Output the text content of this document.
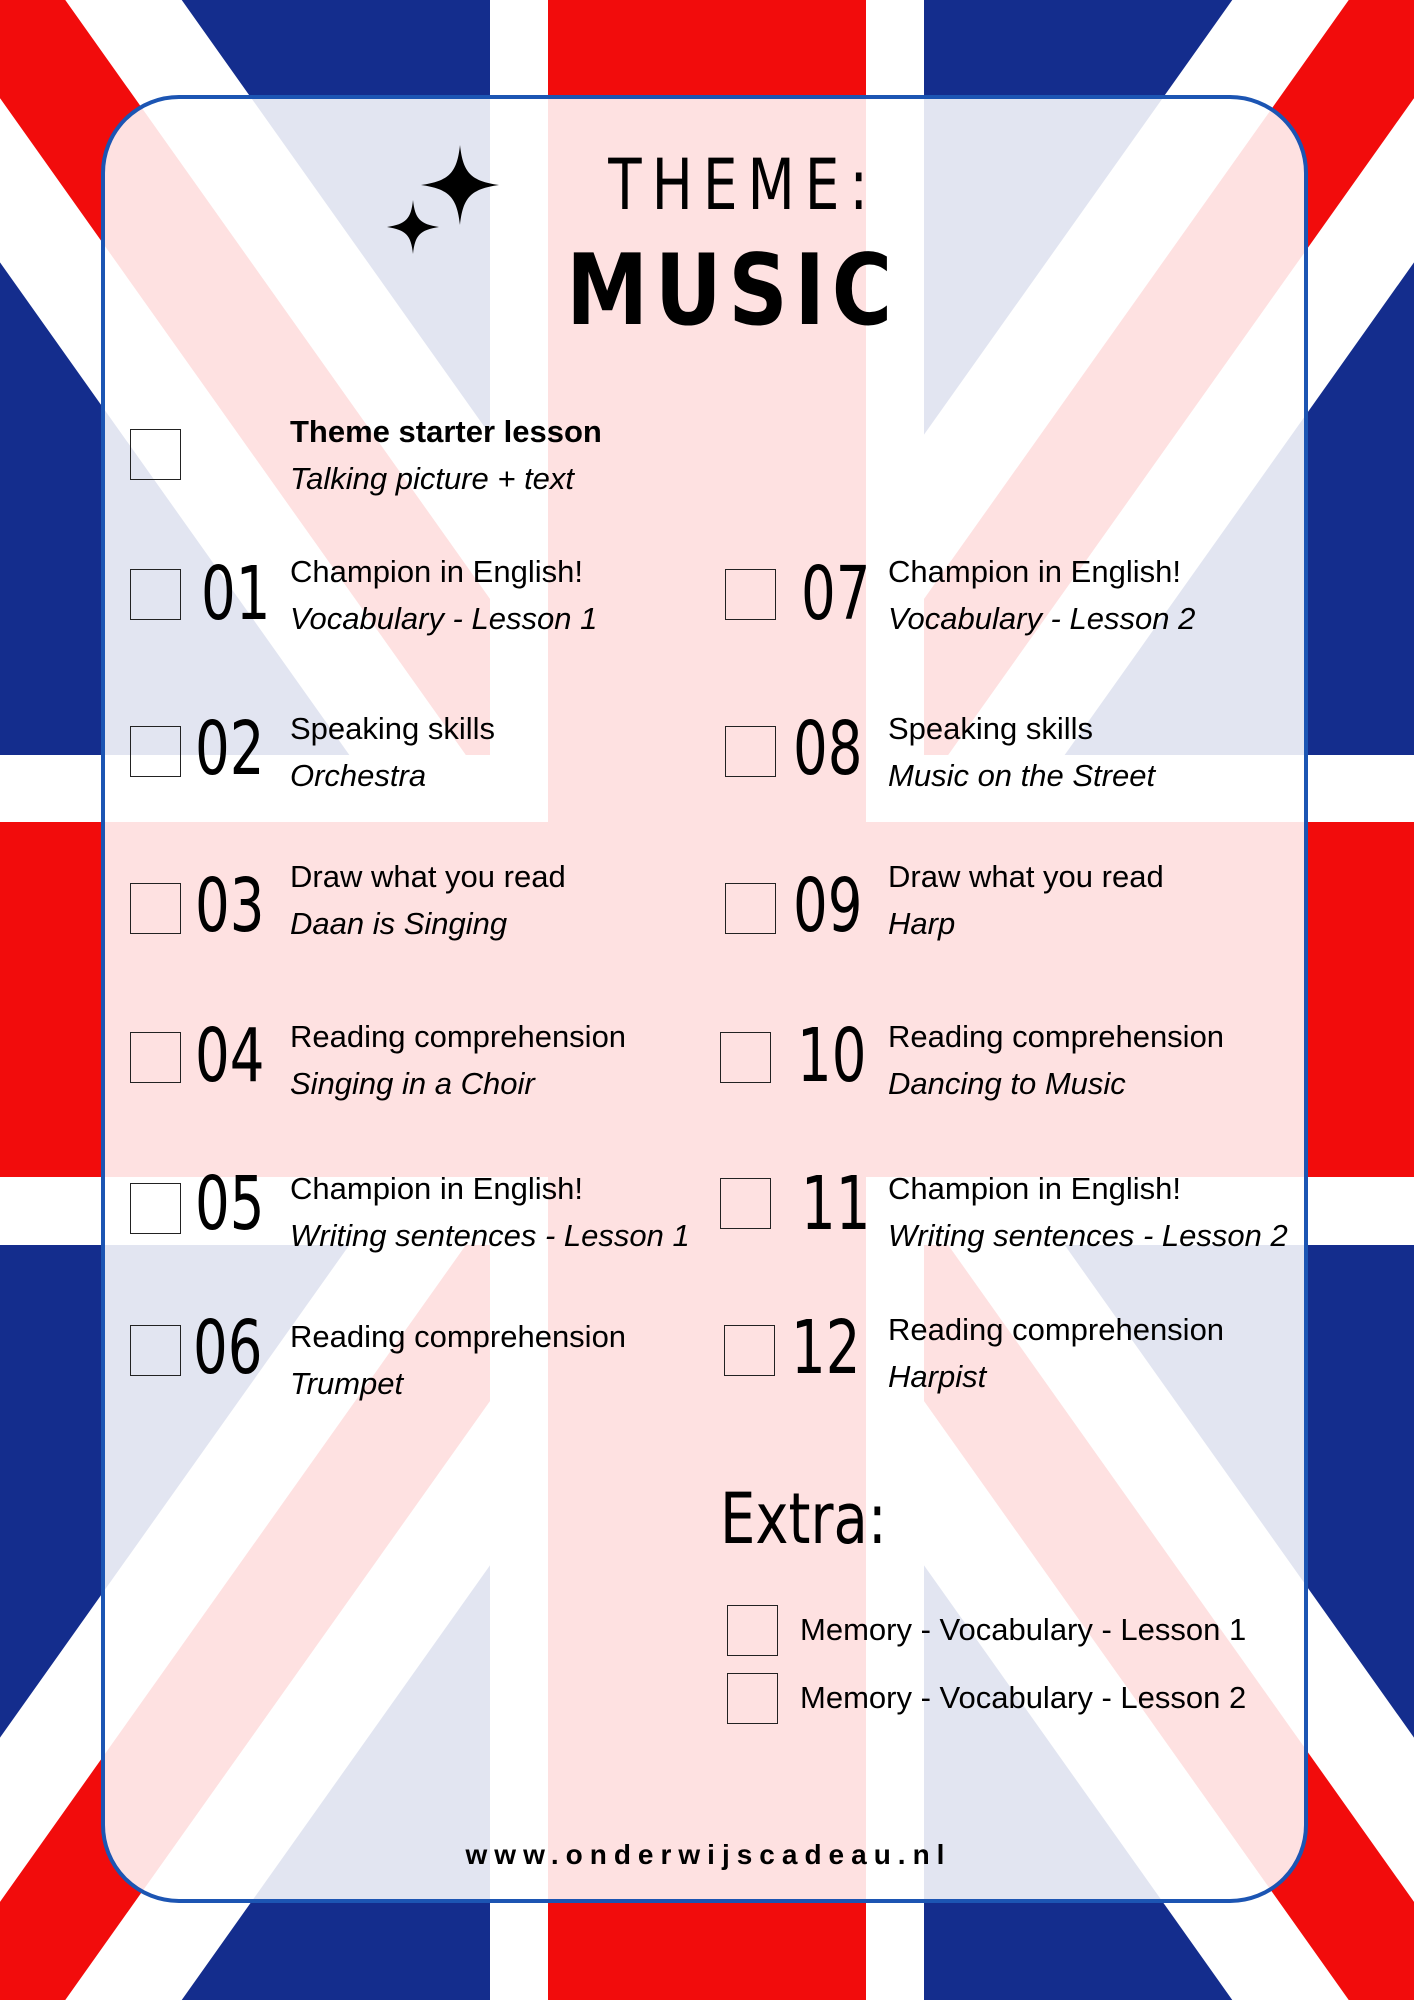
THEME:
MUSIC
Theme starter lesson
Talking picture + text
01 Champion in English!
Vocabulary - Lesson 1
02 Speaking skills
Orchestra
03 Draw what you read
Daan is Singing
04 Reading comprehension
Singing in a Choir
05 Champion in English!
Writing sentences - Lesson 1
06 Reading comprehension
Trumpet
07 Champion in English!
Vocabulary - Lesson 2
08 Speaking skills
Music on the Street
09 Draw what you read
Harp
10 Reading comprehension
Dancing to Music
11 Champion in English!
Writing sentences - Lesson 2
12 Reading comprehension
Harpist
Extra:
Memory - Vocabulary - Lesson 1
Memory - Vocabulary - Lesson 2
www.onderwijscadeau.nl
